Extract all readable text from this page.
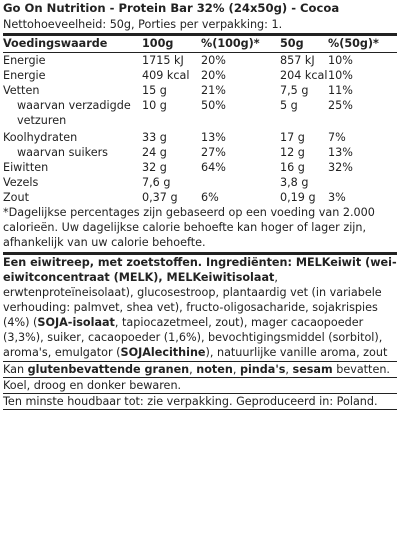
Go On Nutrition - Protein Bar 32% (24x50g) - Cocoa
Nettohoeveelheid: 50g, Porties per verpakking: 1.
Voedingswaarde	100g	%(100g)*	50g	%(50g)*
Energie	1715 kJ	20%	857 kJ	10%
Energie	409 kcal	20%	204 kcal	10%
Vetten	15 g	21%	7,5 g	11%
waarvan verzadigde vetzuren	10 g	50%	5 g	25%
Koolhydraten	33 g	13%	17 g	7%
waarvan suikers	24 g	27%	12 g	13%
Eiwitten	32 g	64%	16 g	32%
Vezels	7,6 g		3,8 g	
Zout	0,37 g	6%	0,19 g	3%
*Dagelijkse percentages zijn gebaseerd op een voeding van 2.000 calorieën. Uw dagelijkse calorie behoefte kan hoger of lager zijn, afhankelijk van uw calorie behoefte.
Een eiwitreep, met zoetstoffen. Ingrediënten: MELKeiwit (wei-eiwitconcentraat (MELK), MELKeiwitisolaat, erwtenproteïneisolaat), glucosestroop, plantaardig vet (in variabele verhouding: palmvet, shea vet), fructo-oligosacharide, sojakrispies (4%) (SOJA-isolaat, tapiocazetmeel, zout), mager cacaopoeder (3,3%), suiker, cacaopoeder (1,6%), bevochtigingsmiddel (sorbitol), aroma's, emulgator (SOJAlecithine), natuurlijke vanille aroma, zout
Kan glutenbevattende granen, noten, pinda's, sesam bevatten.
Koel, droog en donker bewaren.
Ten minste houdbaar tot: zie verpakking. Geproduceerd in: Poland.
